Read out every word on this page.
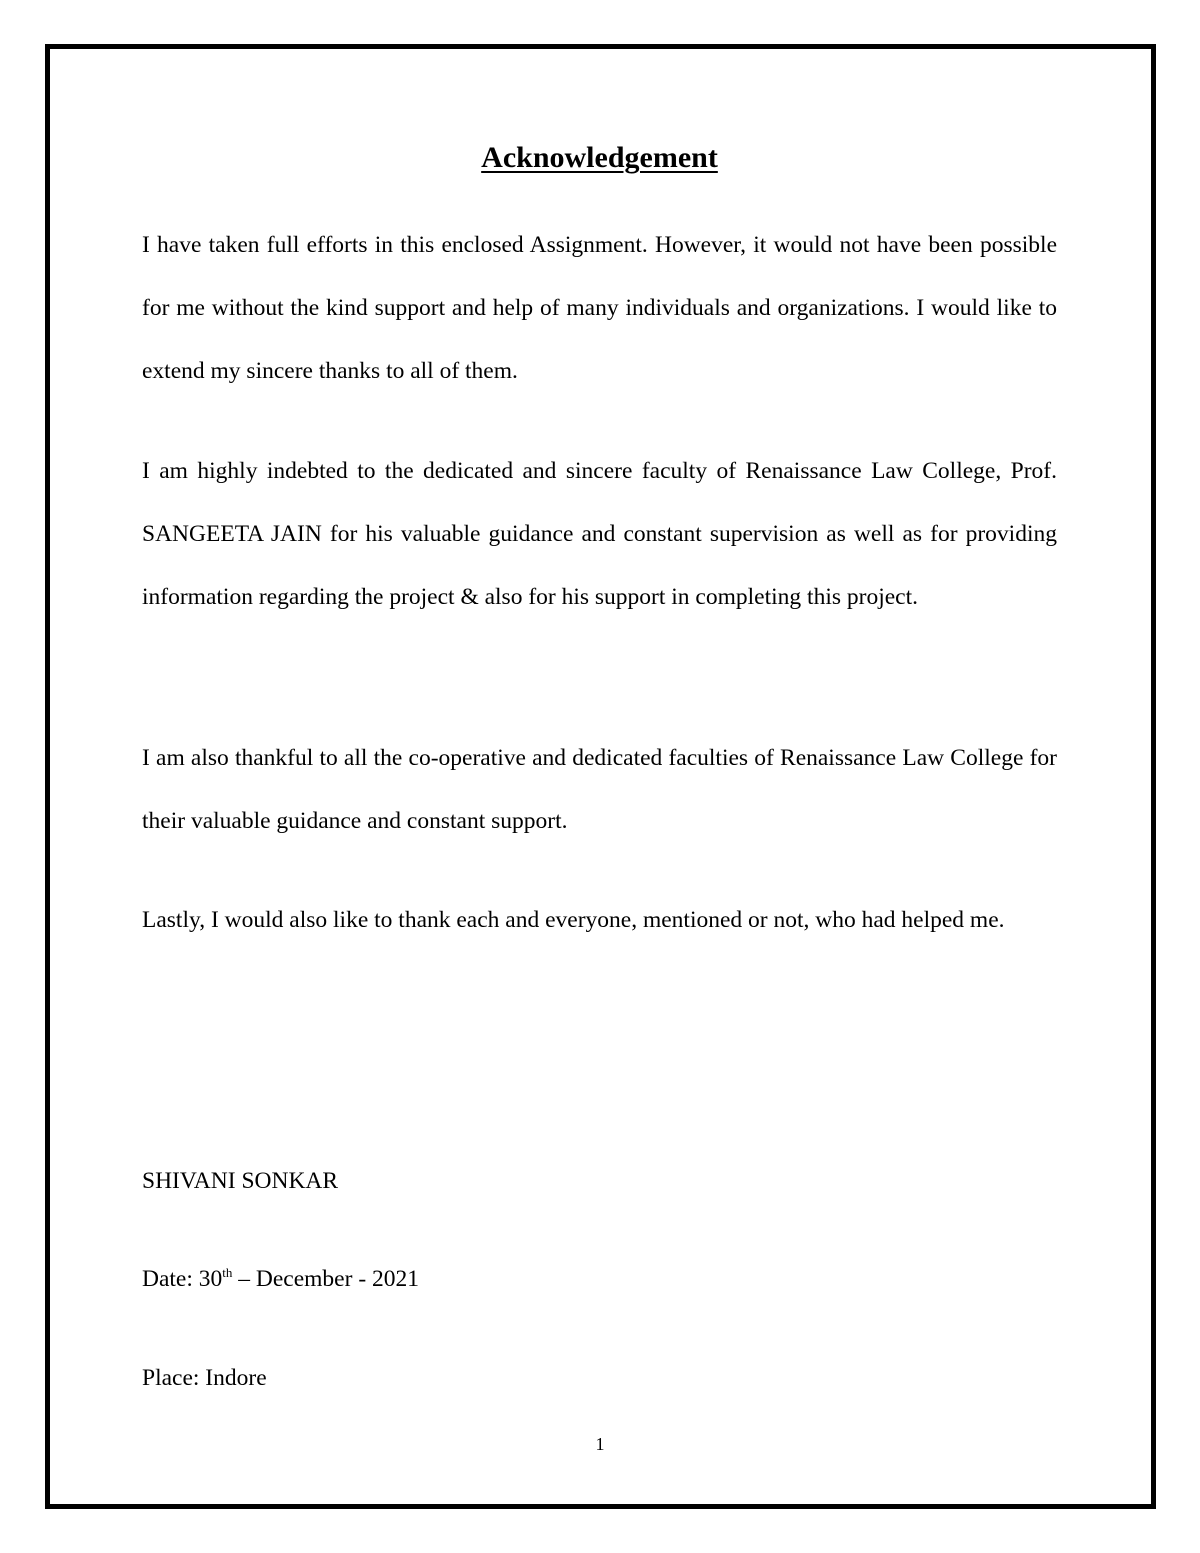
Acknowledgement

I have taken full efforts in this enclosed Assignment. However, it would not have been possible for me without the kind support and help of many individuals and organizations. I would like to extend my sincere thanks to all of them.

I am highly indebted to the dedicated and sincere faculty of Renaissance Law College, Prof. SANGEETA JAIN for his valuable guidance and constant supervision as well as for providing information regarding the project & also for his support in completing this project.

I am also thankful to all the co-operative and dedicated faculties of Renaissance Law College for their valuable guidance and constant support.

Lastly, I would also like to thank each and everyone, mentioned or not, who had helped me.

SHIVANI SONKAR
Date: 30th – December - 2021
Place: Indore
1
